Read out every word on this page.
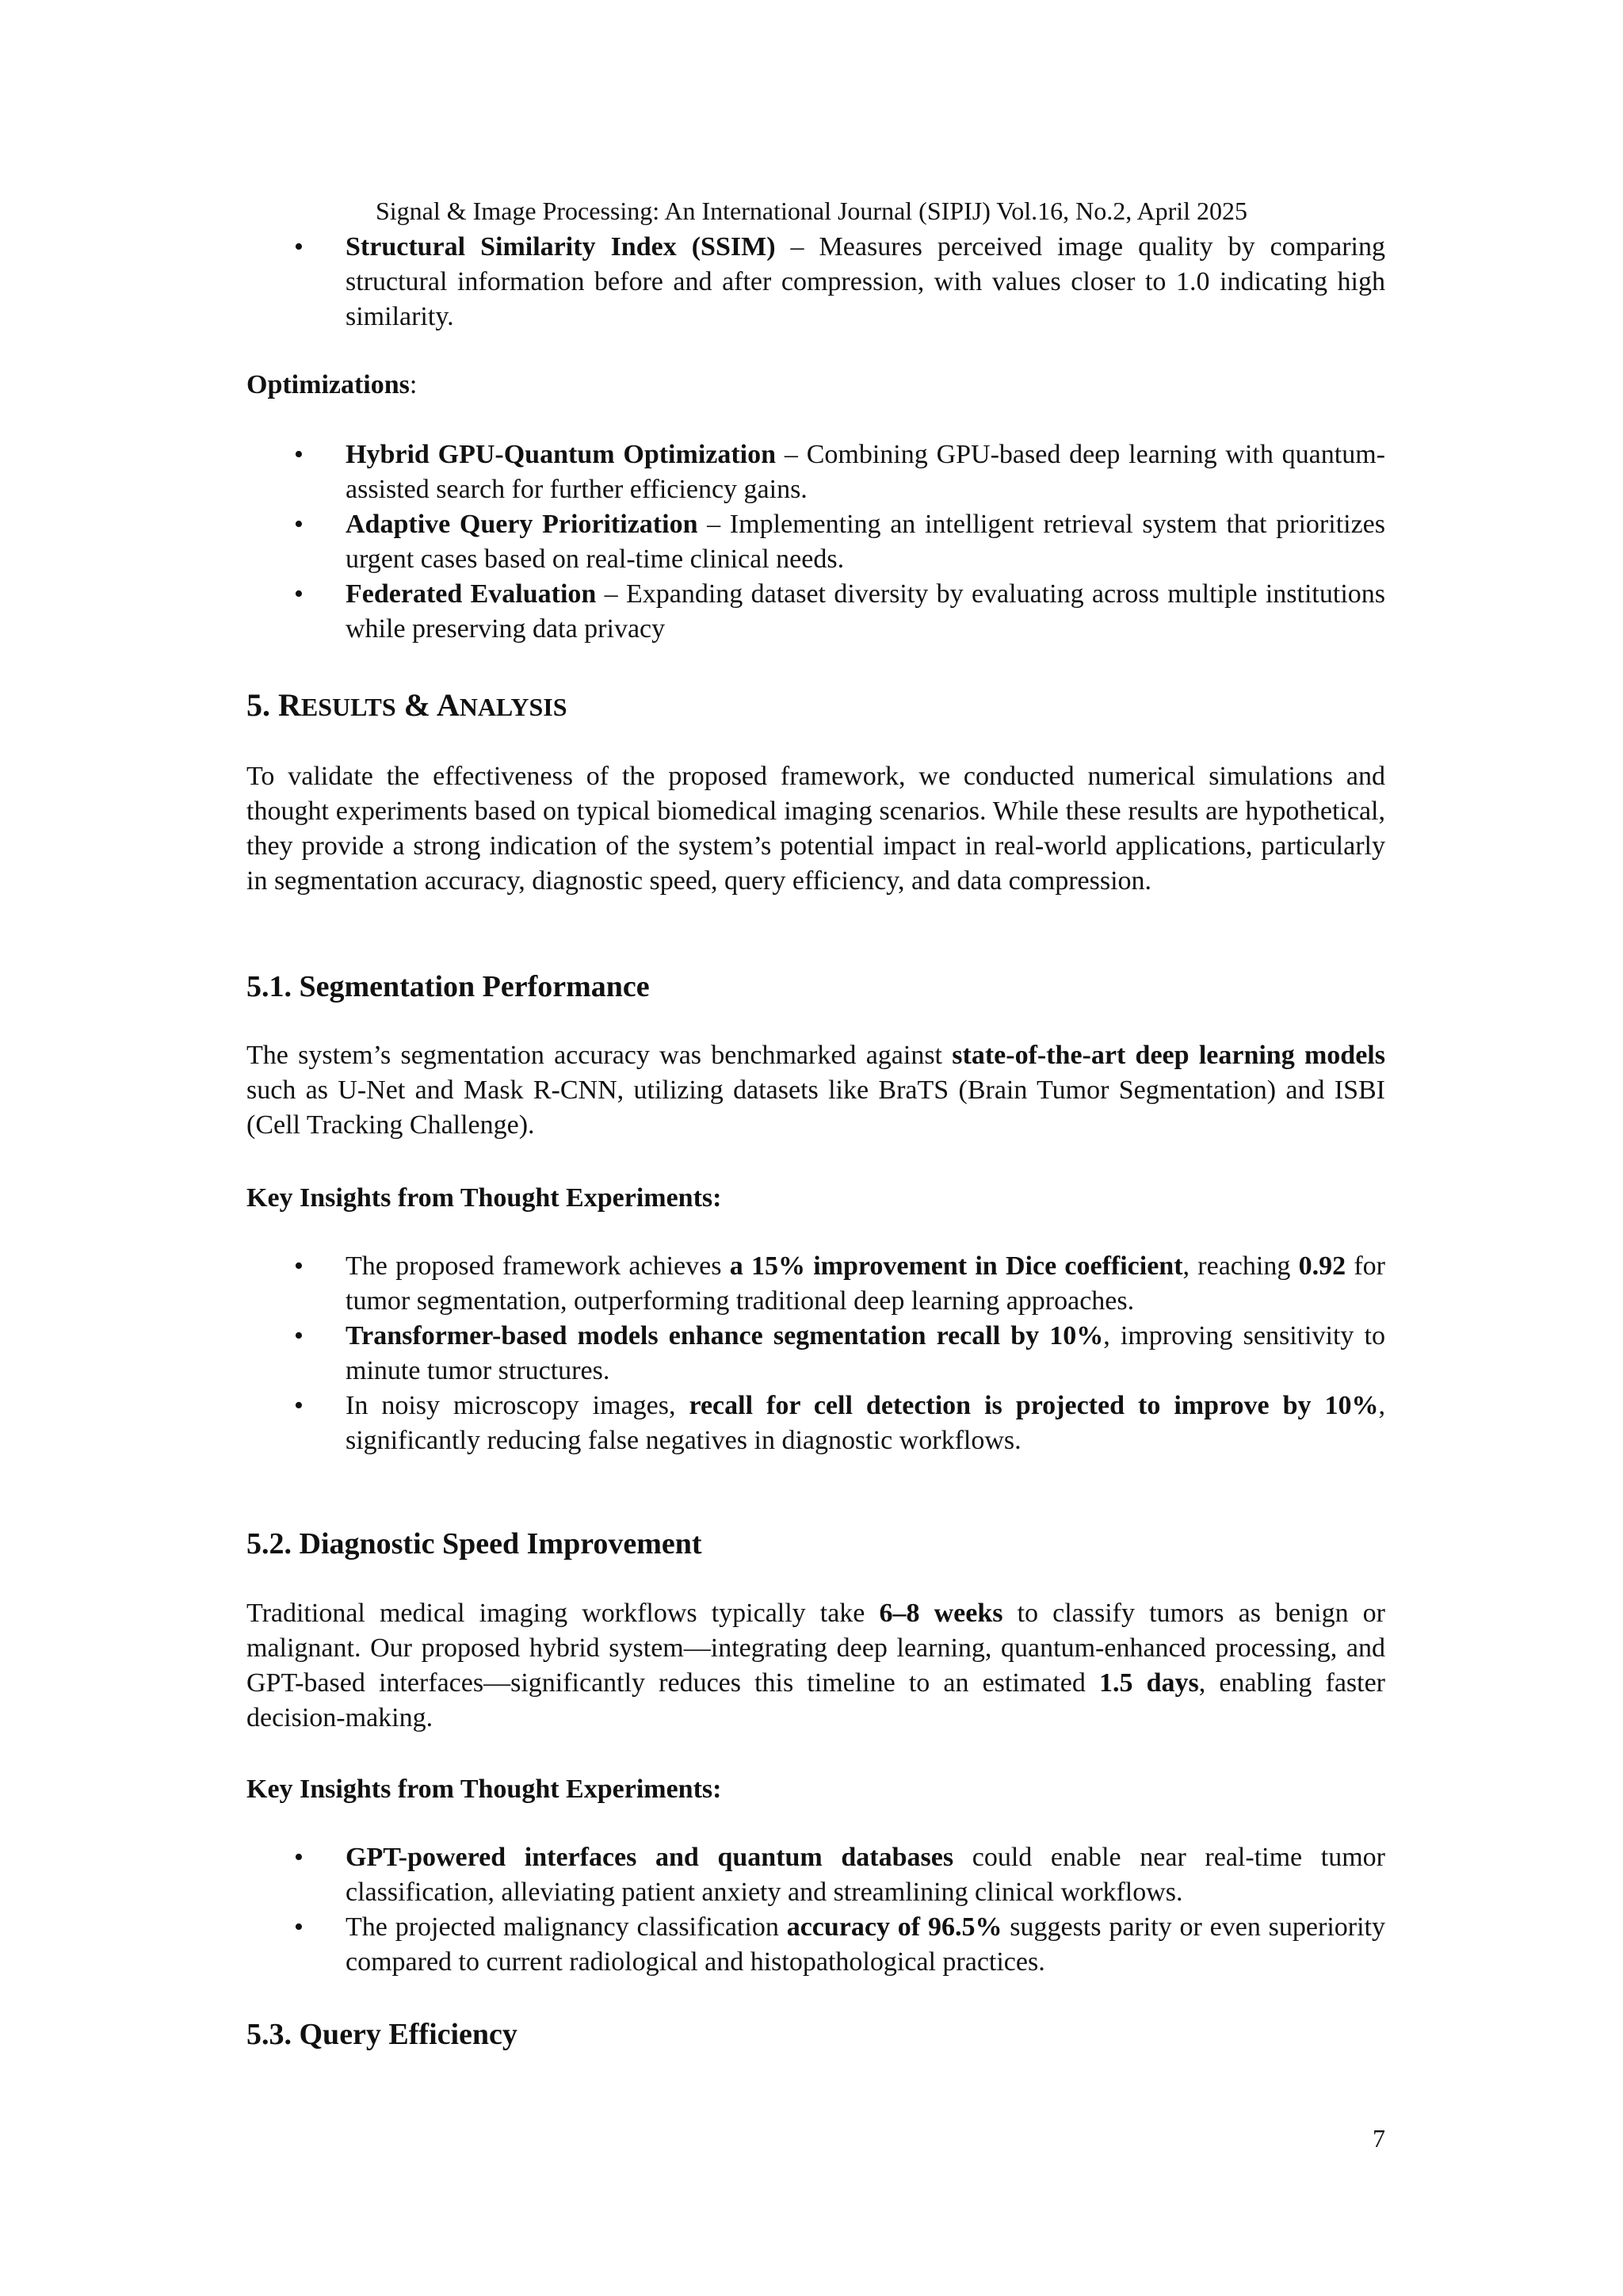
Signal & Image Processing: An International Journal (SIPIJ) Vol.16, No.2, April 2025
• Structural Similarity Index (SSIM) – Measures perceived image quality by comparing structural information before and after compression, with values closer to 1.0 indicating high similarity.

Optimizations:

• Hybrid GPU-Quantum Optimization – Combining GPU-based deep learning with quantum-assisted search for further efficiency gains.
• Adaptive Query Prioritization – Implementing an intelligent retrieval system that prioritizes urgent cases based on real-time clinical needs.
• Federated Evaluation – Expanding dataset diversity by evaluating across multiple institutions while preserving data privacy
5. RESULTS & ANALYSIS

To validate the effectiveness of the proposed framework, we conducted numerical simulations and thought experiments based on typical biomedical imaging scenarios. While these results are hypothetical, they provide a strong indication of the system’s potential impact in real-world applications, particularly in segmentation accuracy, diagnostic speed, query efficiency, and data compression.

5.1. Segmentation Performance

The system’s segmentation accuracy was benchmarked against state-of-the-art deep learning models such as U-Net and Mask R-CNN, utilizing datasets like BraTS (Brain Tumor Segmentation) and ISBI (Cell Tracking Challenge).

Key Insights from Thought Experiments:

• The proposed framework achieves a 15% improvement in Dice coefficient, reaching 0.92 for tumor segmentation, outperforming traditional deep learning approaches.
• Transformer-based models enhance segmentation recall by 10%, improving sensitivity to minute tumor structures.
• In noisy microscopy images, recall for cell detection is projected to improve by 10%, significantly reducing false negatives in diagnostic workflows.
5.2. Diagnostic Speed Improvement

Traditional medical imaging workflows typically take 6–8 weeks to classify tumors as benign or malignant. Our proposed hybrid system—integrating deep learning, quantum-enhanced processing, and GPT-based interfaces—significantly reduces this timeline to an estimated 1.5 days, enabling faster decision-making.

Key Insights from Thought Experiments:

• GPT-powered interfaces and quantum databases could enable near real-time tumor classification, alleviating patient anxiety and streamlining clinical workflows.
• The projected malignancy classification accuracy of 96.5% suggests parity or even superiority compared to current radiological and histopathological practices.
5.3. Query Efficiency
7
